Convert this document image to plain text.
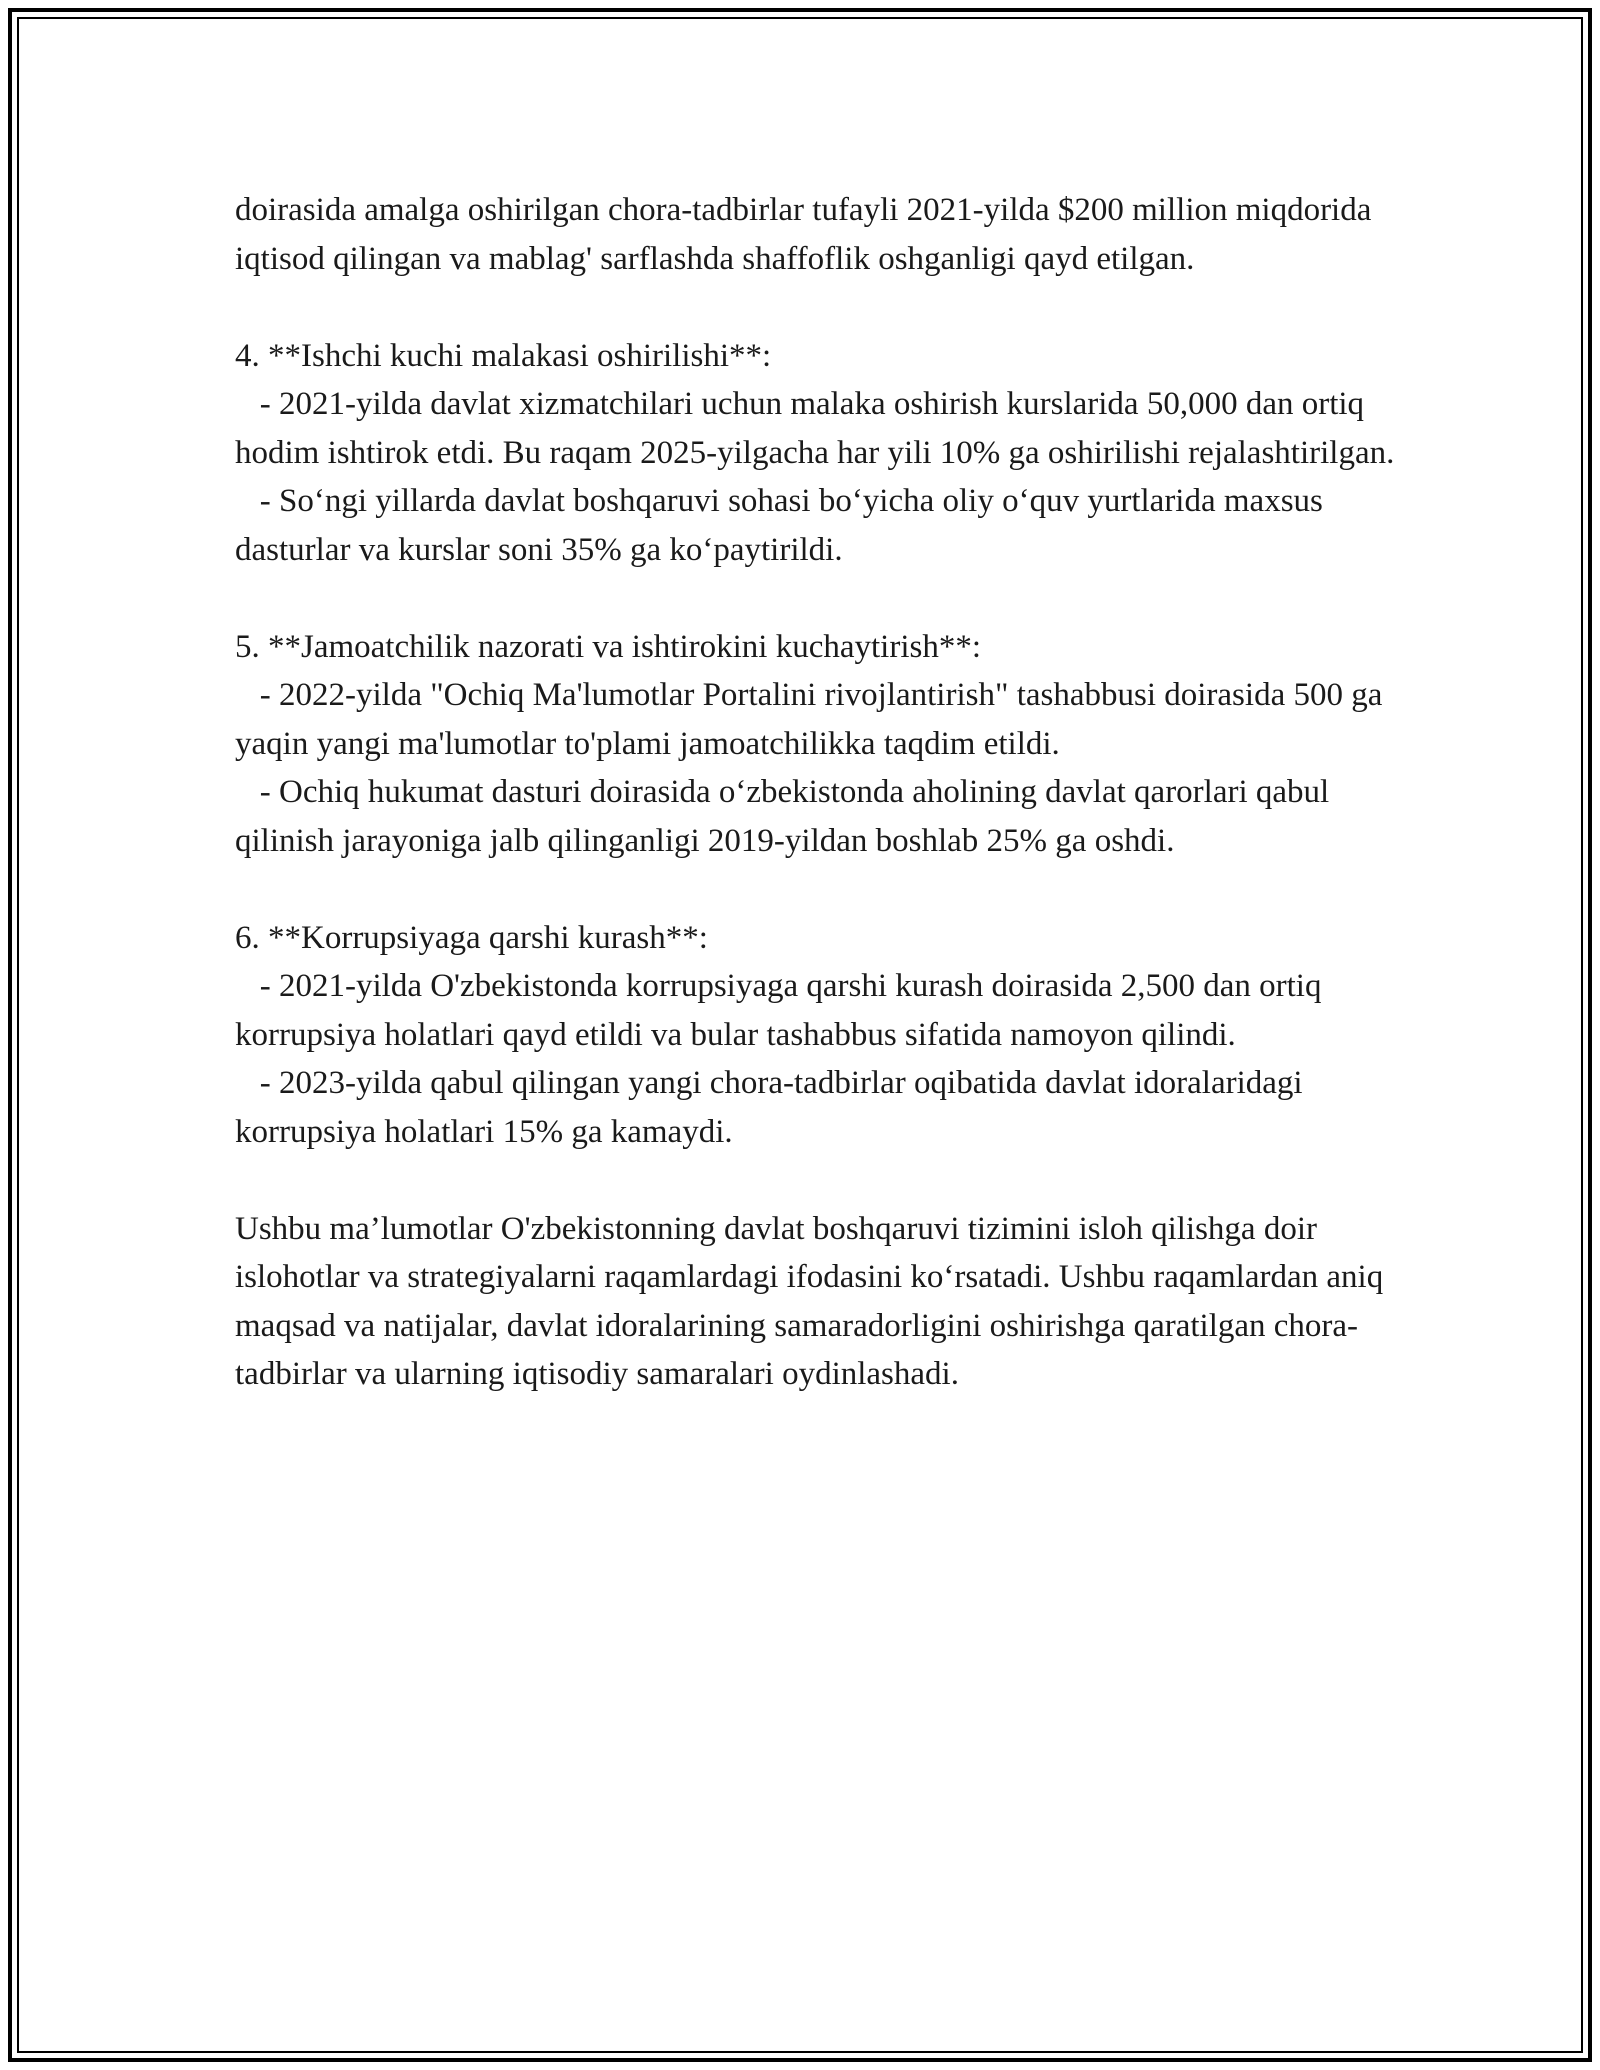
doirasida amalga oshirilgan chora-tadbirlar tufayli 2021-yilda $200 million miqdorida iqtisod qilingan va mablag' sarflashda shaffoflik oshganligi qayd etilgan.

4. **Ishchi kuchi malakasi oshirilishi**:

- 2021-yilda davlat xizmatchilari uchun malaka oshirish kurslarida 50,000 dan ortiq hodim ishtirok etdi. Bu raqam 2025-yilgacha har yili 10% ga oshirilishi rejalashtirilgan.

- So‘ngi yillarda davlat boshqaruvi sohasi bo‘yicha oliy o‘quv yurtlarida maxsus dasturlar va kurslar soni 35% ga ko‘paytirildi.

5. **Jamoatchilik nazorati va ishtirokini kuchaytirish**:

- 2022-yilda "Ochiq Ma'lumotlar Portalini rivojlantirish" tashabbusi doirasida 500 ga yaqin yangi ma'lumotlar to'plami jamoatchilikka taqdim etildi.

- Ochiq hukumat dasturi doirasida o‘zbekistonda aholining davlat qarorlari qabul qilinish jarayoniga jalb qilinganligi 2019-yildan boshlab 25% ga oshdi.

6. **Korrupsiyaga qarshi kurash**:

- 2021-yilda O'zbekistonda korrupsiyaga qarshi kurash doirasida 2,500 dan ortiq korrupsiya holatlari qayd etildi va bular tashabbus sifatida namoyon qilindi.

- 2023-yilda qabul qilingan yangi chora-tadbirlar oqibatida davlat idoralaridagi korrupsiya holatlari 15% ga kamaydi.

Ushbu ma’lumotlar O'zbekistonning davlat boshqaruvi tizimini isloh qilishga doir islohotlar va strategiyalarni raqamlardagi ifodasini ko‘rsatadi. Ushbu raqamlardan aniq maqsad va natijalar, davlat idoralarining samaradorligini oshirishga qaratilgan chora-tadbirlar va ularning iqtisodiy samaralari oydinlashadi.
